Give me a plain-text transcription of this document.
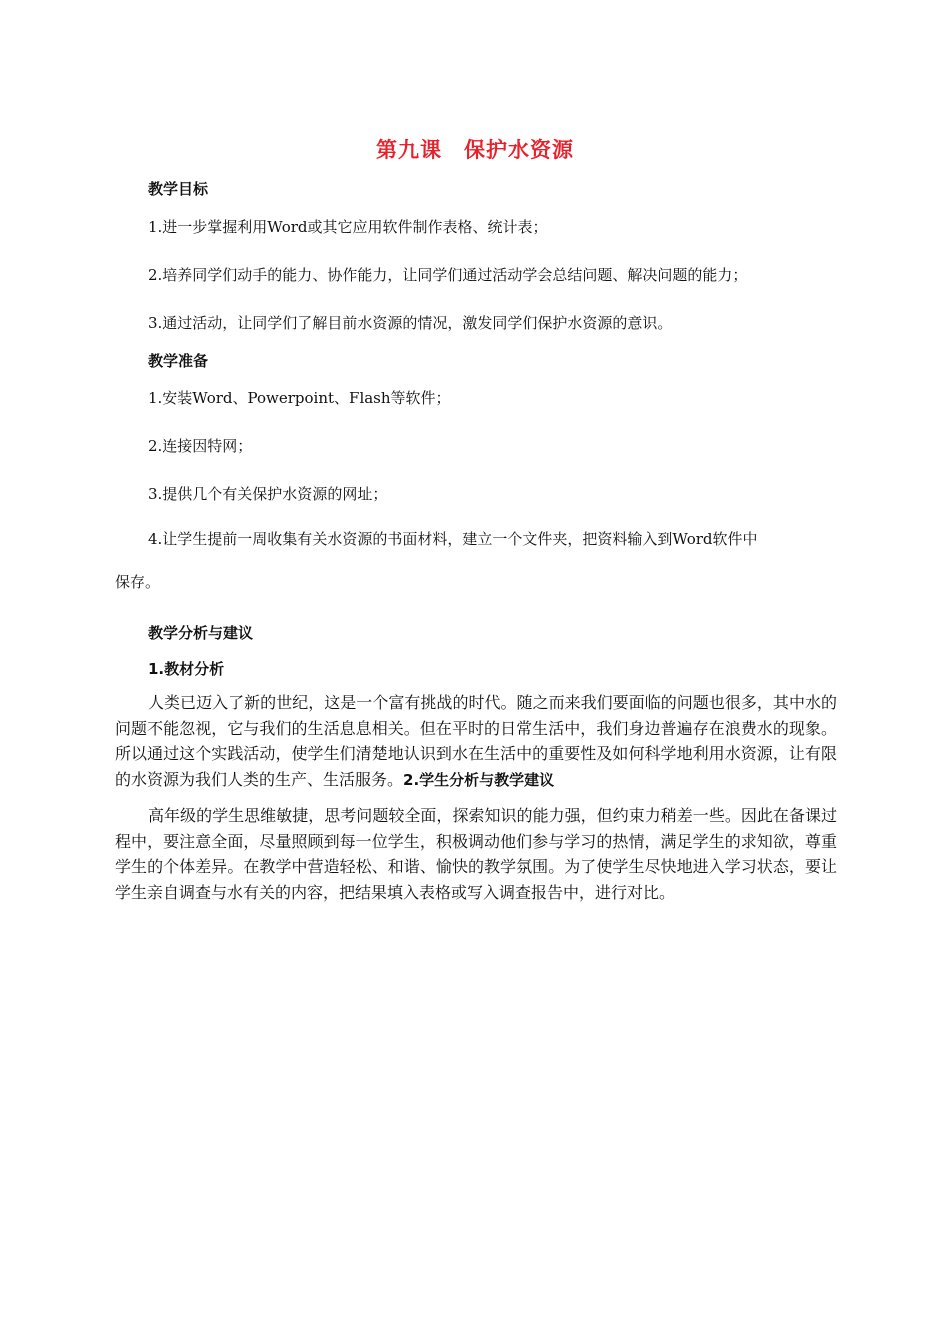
第九课　保护水资源
教学目标
1.进一步掌握利用Word或其它应用软件制作表格、统计表；
2.培养同学们动手的能力、协作能力，让同学们通过活动学会总结问题、解决问题的能力；
3.通过活动，让同学们了解目前水资源的情况，激发同学们保护水资源的意识。
教学准备
1.安装Word、Powerpoint、Flash等软件；
2.连接因特网；
3.提供几个有关保护水资源的网址；
4.让学生提前一周收集有关水资源的书面材料，建立一个文件夹，把资料输入到Word软件中
保存。
教学分析与建议
1.教材分析
人类已迈入了新的世纪，这是一个富有挑战的时代。随之而来我们要面临的问题也很多，其中水的问题不能忽视，它与我们的生活息息相关。但在平时的日常生活中，我们身边普遍存在浪费水的现象。所以通过这个实践活动，使学生们清楚地认识到水在生活中的重要性及如何科学地利用水资源，让有限的水资源为我们人类的生产、生活服务。2.学生分析与教学建议
高年级的学生思维敏捷，思考问题较全面，探索知识的能力强，但约束力稍差一些。因此在备课过程中，要注意全面，尽量照顾到每一位学生，积极调动他们参与学习的热情，满足学生的求知欲，尊重学生的个体差异。在教学中营造轻松、和谐、愉快的教学氛围。为了使学生尽快地进入学习状态，要让学生亲自调查与水有关的内容，把结果填入表格或写入调查报告中，进行对比。
